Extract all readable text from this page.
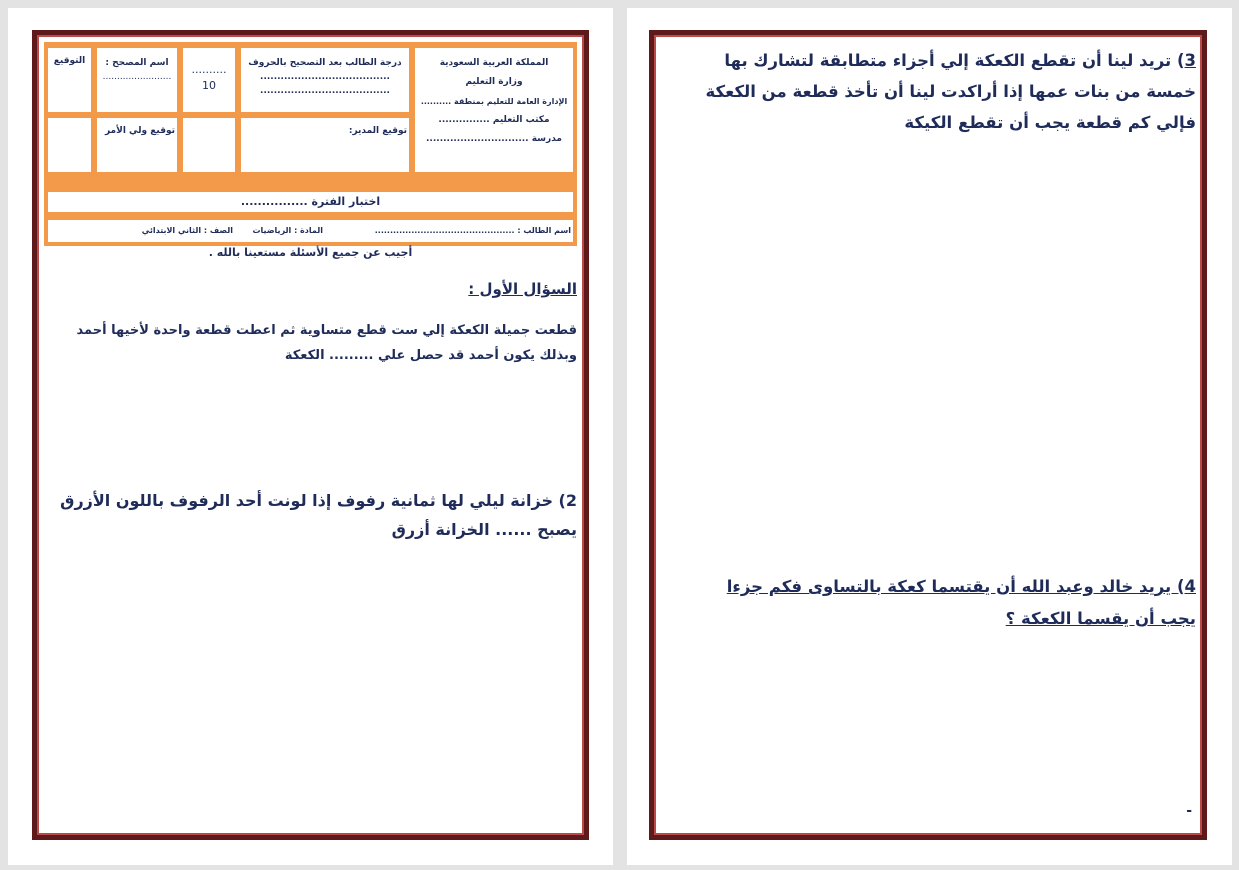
المملكة العربية السعودية
وزارة التعليم
الإدارة العامة للتعليم بمنطقة ..........
مكتب التعليم ...............
مدرسة ..............................
درجة الطالب بعد التصحيح بالحروف
......................................
......................................
..........
10
اسم المصحح :
........................
التوقيع
توقيع المدير:
توقيع ولي الأمر
اختبار الفترة ................
اسم الطالب : ..............................................
المادة : الرياضيات
الصف : الثاني الابتدائي
أجيب عن جميع الأسئلة مستعينا بالله .
السؤال الأول :
قطعت جميلة الكعكة إلي ست قطع متساوية ثم اعطت قطعة واحدة لأخيها أحمد
وبذلك يكون أحمد قد حصل علي ......... الكعكة
2) خزانة ليلي لها ثمانية رفوف إذا لونت أحد الرفوف باللون الأزرق
يصبح ...... الخزانة أزرق
3) تريد لينا أن تقطع الكعكة إلي أجزاء متطابقة لتشارك بها
خمسة من بنات عمها إذا أراكدت لينا أن تأخذ قطعة من الكعكة
فإلي كم قطعة يجب أن تقطع الكيكة
4) يريد خالد وعبد الله أن يقتسما كعكة بالتساوى فكم جزءا
يجب أن يقسما الكعكة ؟
-
